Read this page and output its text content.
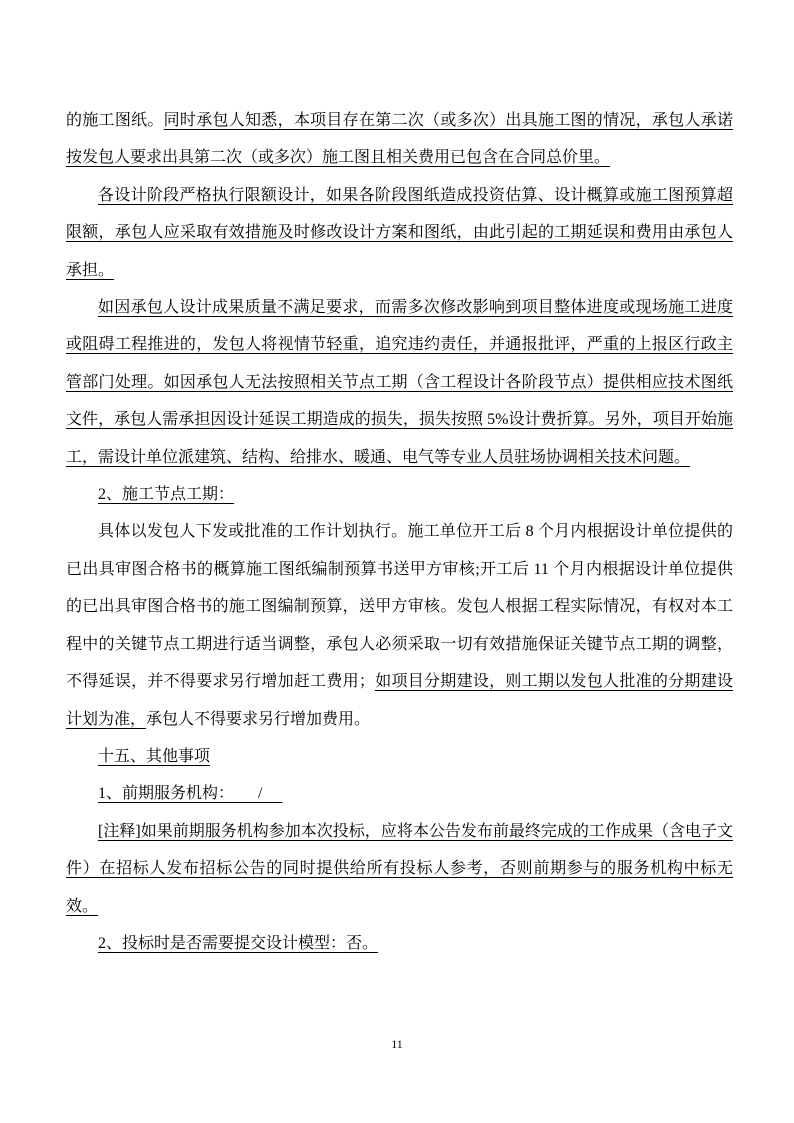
的施工图纸。同时承包人知悉，本项目存在第二次（或多次）出具施工图的情况，承包人承诺按发包人要求出具第二次（或多次）施工图且相关费用已包含在合同总价里。

各设计阶段严格执行限额设计，如果各阶段图纸造成投资估算、设计概算或施工图预算超限额，承包人应采取有效措施及时修改设计方案和图纸，由此引起的工期延误和费用由承包人承担。

如因承包人设计成果质量不满足要求，而需多次修改影响到项目整体进度或现场施工进度或阻碍工程推进的，发包人将视情节轻重，追究违约责任，并通报批评，严重的上报区行政主管部门处理。如因承包人无法按照相关节点工期（含工程设计各阶段节点）提供相应技术图纸文件，承包人需承担因设计延误工期造成的损失，损失按照 5%设计费折算。另外，项目开始施工，需设计单位派建筑、结构、给排水、暖通、电气等专业人员驻场协调相关技术问题。

2、施工节点工期：

具体以发包人下发或批准的工作计划执行。施工单位开工后 8 个月内根据设计单位提供的已出具审图合格书的概算施工图纸编制预算书送甲方审核;开工后 11 个月内根据设计单位提供的已出具审图合格书的施工图编制预算，送甲方审核。发包人根据工程实际情况，有权对本工程中的关键节点工期进行适当调整，承包人必须采取一切有效措施保证关键节点工期的调整，不得延误，并不得要求另行增加赶工费用；如项目分期建设，则工期以发包人批准的分期建设计划为准，承包人不得要求另行增加费用。

十五、其他事项

1、前期服务机构：      /

[注释]如果前期服务机构参加本次投标，应将本公告发布前最终完成的工作成果（含电子文件）在招标人发布招标公告的同时提供给所有投标人参考，否则前期参与的服务机构中标无效。

2、投标时是否需要提交设计模型：否。

11
